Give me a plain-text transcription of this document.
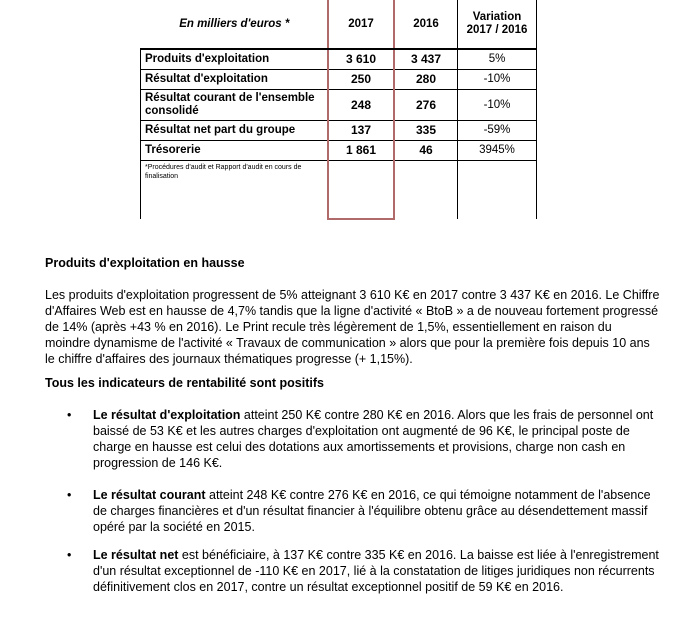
En milliers d'euros *	2017	2016	Variation 2017 / 2016
Produits d'exploitation	3 610	3 437	5%
Résultat d'exploitation	250	280	-10%
Résultat courant de l'ensemble consolidé	248	276	-10%
Résultat net part du groupe	137	335	-59%
Trésorerie	1 861	46	3945%
*Procédures d'audit et Rapport d'audit en cours de finalisation			
Produits d'exploitation en hausse

Les produits d'exploitation progressent de 5% atteignant 3 610 K€ en 2017 contre 3 437 K€ en 2016. Le Chiffre d'Affaires Web est en hausse de 4,7% tandis que la ligne d'activité « BtoB » a de nouveau fortement progressé de 14% (après +43 % en 2016). Le Print recule très légèrement de 1,5%, essentiellement en raison du moindre dynamisme de l'activité « Travaux de communication » alors que pour la première fois depuis 10 ans le chiffre d'affaires des journaux thématiques progresse (+ 1,15%).

Tous les indicateurs de rentabilité sont positifs
• Le résultat d'exploitation atteint 250 K€ contre 280 K€ en 2016. Alors que les frais de personnel ont baissé de 53 K€ et les autres charges d'exploitation ont augmenté de 96 K€, le principal poste de charge en hausse est celui des dotations aux amortissements et provisions, charge non cash en progression de 146 K€.
• Le résultat courant atteint 248 K€ contre 276 K€ en 2016, ce qui témoigne notamment de l'absence de charges financières et d'un résultat financier à l'équilibre obtenu grâce au désendettement massif opéré par la société en 2015.
• Le résultat net est bénéficiaire, à 137 K€ contre 335 K€ en 2016. La baisse est liée à l'enregistrement d'un résultat exceptionnel de -110 K€ en 2017, lié à la constatation de litiges juridiques non récurrents définitivement clos en 2017, contre un résultat exceptionnel positif de 59 K€ en 2016.
